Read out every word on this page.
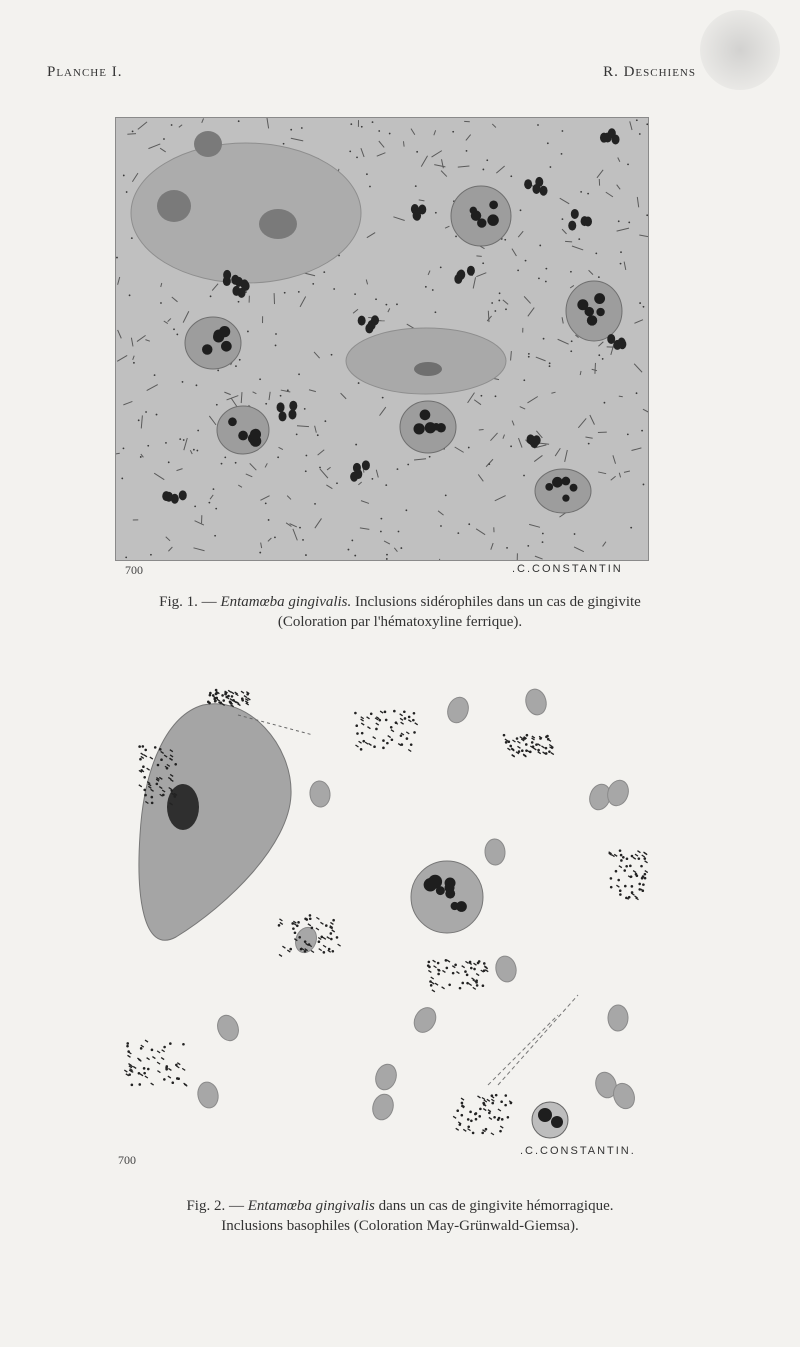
Planche I.	R. Deschiens
700	.C.CONSTANTIN
Fig. 1. — Entamœba gingivalis. Inclusions sidérophiles dans un cas de gingivite
(Coloration par l'hématoxyline ferrique).
700
.C.CONSTANTIN.
Fig. 2. — Entamœba gingivalis dans un cas de gingivite hémorragique.
Inclusions basophiles (Coloration May-Grünwald-Giemsa).
